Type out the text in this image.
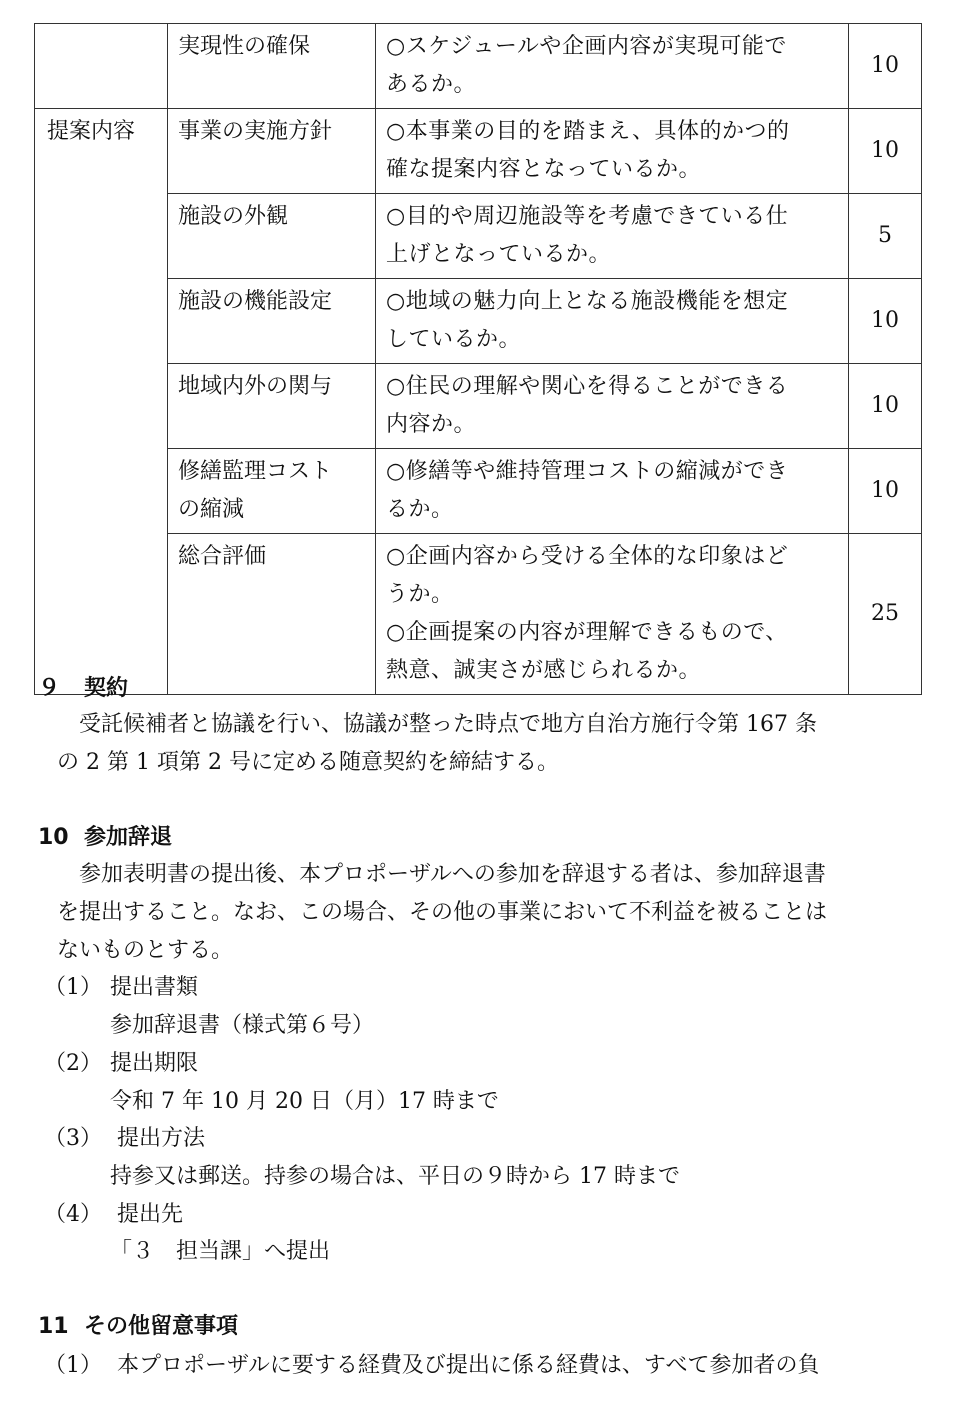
	実現性の確保	○スケジュールや企画内容が実現可能で
あるか。	10
提案内容	事業の実施方針	○本事業の目的を踏まえ、具体的かつ的
確な提案内容となっているか。	10

	施設の外観	○目的や周辺施設等を考慮できている仕
上げとなっているか。	5

	施設の機能設定	○地域の魅力向上となる施設機能を想定
しているか。	10

	地域内外の関与	○住民の理解や関心を得ることができる
内容か。	10

	修繕監理コスト
の縮減	○修繕等や維持管理コストの縮減ができ
るか。	10

	総合評価	○企画内容から受ける全体的な印象はど
うか。
○企画提案の内容が理解できるもので、
熱意、誠実さが感じられるか。	25
９ 契約
受託候補者と協議を行い、協議が整った時点で地方自治方施行令第 167 条
の 2 第 1 項第 2 号に定める随意契約を締結する。
10 参加辞退
参加表明書の提出後、本プロポーザルへの参加を辞退する者は、参加辞退書
を提出すること。なお、この場合、その他の事業において不利益を被ることは
ないものとする。
（1） 提出書類
参加辞退書（様式第６号）
（2） 提出期限
令和 7 年 10 月 20 日（月）17 時まで
（3） 提出方法
持参又は郵送。持参の場合は、平日の９時から 17 時まで
（4） 提出先
「３　担当課」へ提出
11 その他留意事項
（1） 本プロポーザルに要する経費及び提出に係る経費は、すべて参加者の負
